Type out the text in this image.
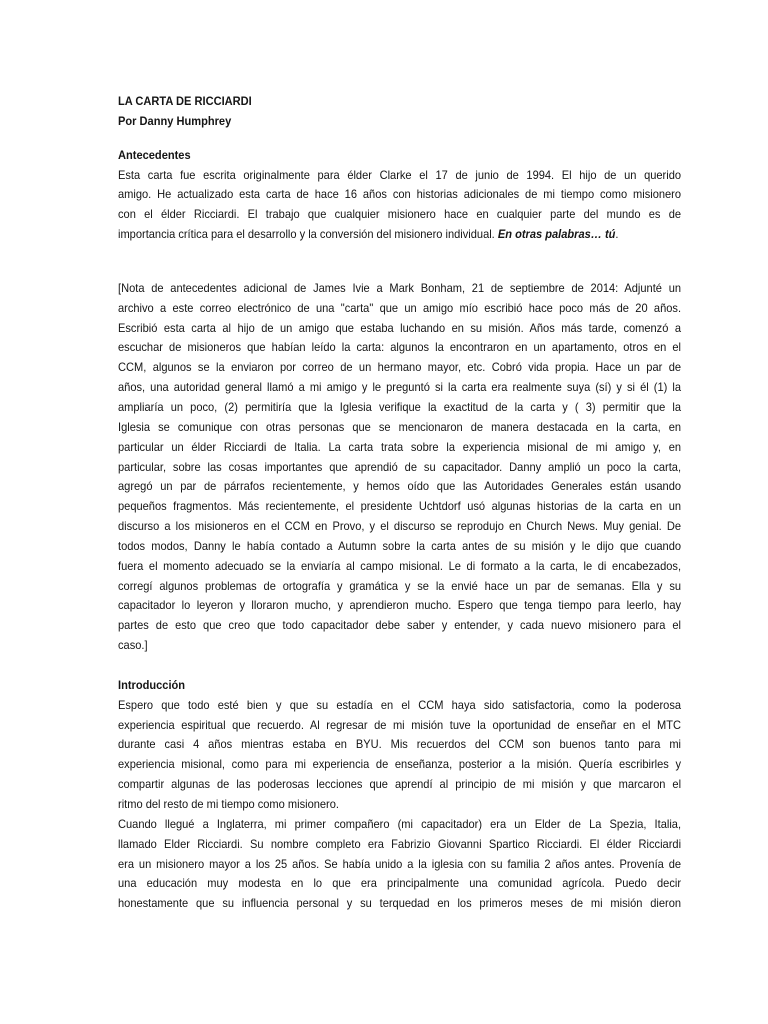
LA CARTA DE RICCIARDI
Por Danny Humphrey
Antecedentes
Esta carta fue escrita originalmente para élder Clarke el 17 de junio de 1994. El hijo de un querido
amigo. He actualizado esta carta de hace 16 años con historias adicionales de mi tiempo como misionero
con el élder Ricciardi. El trabajo que cualquier misionero hace en cualquier parte del mundo es de
importancia crítica para el desarrollo y la conversión del misionero individual. En otras palabras… tú.
[Nota de antecedentes adicional de James Ivie a Mark Bonham, 21 de septiembre de 2014: Adjunté un
archivo a este correo electrónico de una "carta" que un amigo mío escribió hace poco más de 20 años.
Escribió esta carta al hijo de un amigo que estaba luchando en su misión. Años más tarde, comenzó a
escuchar de misioneros que habían leído la carta: algunos la encontraron en un apartamento, otros en el
CCM, algunos se la enviaron por correo de un hermano mayor, etc. Cobró vida propia. Hace un par de
años, una autoridad general llamó a mi amigo y le preguntó si la carta era realmente suya (sí) y si él (1) la
ampliaría un poco, (2) permitiría que la Iglesia verifique la exactitud de la carta y ( 3) permitir que la
Iglesia se comunique con otras personas que se mencionaron de manera destacada en la carta, en
particular un élder Ricciardi de Italia. La carta trata sobre la experiencia misional de mi amigo y, en
particular, sobre las cosas importantes que aprendió de su capacitador. Danny amplió un poco la carta,
agregó un par de párrafos recientemente, y hemos oído que las Autoridades Generales están usando
pequeños fragmentos. Más recientemente, el presidente Uchtdorf usó algunas historias de la carta en un
discurso a los misioneros en el CCM en Provo, y el discurso se reprodujo en Church News. Muy genial. De
todos modos, Danny le había contado a Autumn sobre la carta antes de su misión y le dijo que cuando
fuera el momento adecuado se la enviaría al campo misional. Le di formato a la carta, le di encabezados,
corregí algunos problemas de ortografía y gramática y se la envié hace un par de semanas. Ella y su
capacitador lo leyeron y lloraron mucho, y aprendieron mucho. Espero que tenga tiempo para leerlo, hay
partes de esto que creo que todo capacitador debe saber y entender, y cada nuevo misionero para el
caso.]
Introducción
Espero que todo esté bien y que su estadía en el CCM haya sido satisfactoria, como la poderosa
experiencia espiritual que recuerdo. Al regresar de mi misión tuve la oportunidad de enseñar en el MTC
durante casi 4 años mientras estaba en BYU. Mis recuerdos del CCM son buenos tanto para mi
experiencia misional, como para mi experiencia de enseñanza, posterior a la misión. Quería escribirles y
compartir algunas de las poderosas lecciones que aprendí al principio de mi misión y que marcaron el
ritmo del resto de mi tiempo como misionero.
Cuando llegué a Inglaterra, mi primer compañero (mi capacitador) era un Elder de La Spezia, Italia,
llamado Elder Ricciardi. Su nombre completo era Fabrizio Giovanni Spartico Ricciardi. El élder Ricciardi
era un misionero mayor a los 25 años. Se había unido a la iglesia con su familia 2 años antes. Provenía de
una educación muy modesta en lo que era principalmente una comunidad agrícola. Puedo decir
honestamente que su influencia personal y su terquedad en los primeros meses de mi misión dieron
